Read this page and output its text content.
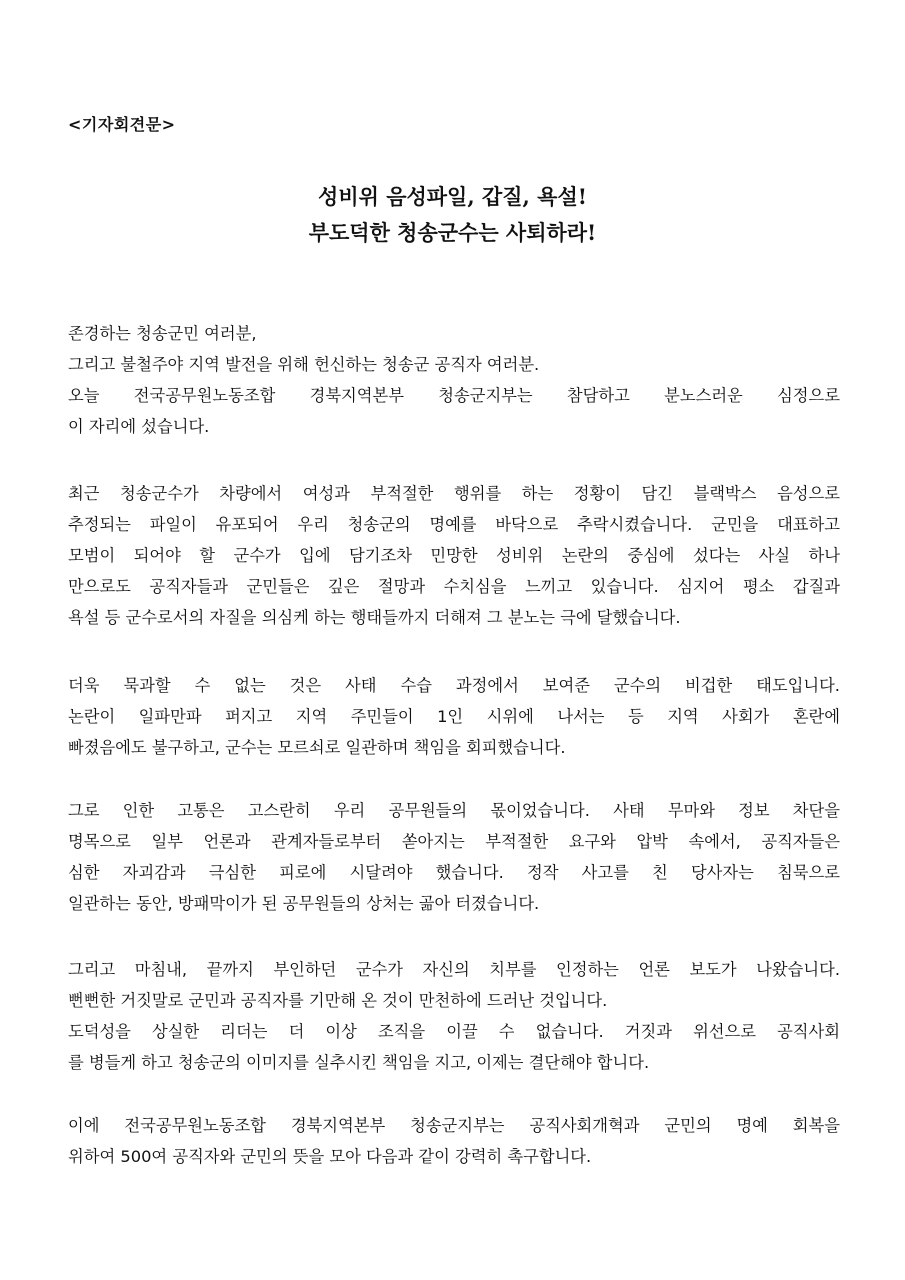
<기자회견문>
성비위 음성파일, 갑질, 욕설!
부도덕한 청송군수는 사퇴하라!

존경하는 청송군민 여러분,
그리고 불철주야 지역 발전을 위해 헌신하는 청송군 공직자 여러분.
오늘 전국공무원노동조합 경북지역본부 청송군지부는 참담하고 분노스러운 심정으로
이 자리에 섰습니다.

최근 청송군수가 차량에서 여성과 부적절한 행위를 하는 정황이 담긴 블랙박스 음성으로
추정되는 파일이 유포되어 우리 청송군의 명예를 바닥으로 추락시켰습니다. 군민을 대표하고
모범이 되어야 할 군수가 입에 담기조차 민망한 성비위 논란의 중심에 섰다는 사실 하나
만으로도 공직자들과 군민들은 깊은 절망과 수치심을 느끼고 있습니다. 심지어 평소 갑질과
욕설 등 군수로서의 자질을 의심케 하는 행태들까지 더해져 그 분노는 극에 달했습니다.

더욱 묵과할 수 없는 것은 사태 수습 과정에서 보여준 군수의 비겁한 태도입니다.
논란이 일파만파 퍼지고 지역 주민들이 1인 시위에 나서는 등 지역 사회가 혼란에
빠졌음에도 불구하고, 군수는 모르쇠로 일관하며 책임을 회피했습니다.

그로 인한 고통은 고스란히 우리 공무원들의 몫이었습니다. 사태 무마와 정보 차단을
명목으로 일부 언론과 관계자들로부터 쏟아지는 부적절한 요구와 압박 속에서, 공직자들은
심한 자괴감과 극심한 피로에 시달려야 했습니다. 정작 사고를 친 당사자는 침묵으로
일관하는 동안, 방패막이가 된 공무원들의 상처는 곪아 터졌습니다.

그리고 마침내, 끝까지 부인하던 군수가 자신의 치부를 인정하는 언론 보도가 나왔습니다.
뻔뻔한 거짓말로 군민과 공직자를 기만해 온 것이 만천하에 드러난 것입니다.
도덕성을 상실한 리더는 더 이상 조직을 이끌 수 없습니다. 거짓과 위선으로 공직사회
를 병들게 하고 청송군의 이미지를 실추시킨 책임을 지고, 이제는 결단해야 합니다.

이에 전국공무원노동조합 경북지역본부 청송군지부는 공직사회개혁과 군민의 명예 회복을
위하여 500여 공직자와 군민의 뜻을 모아 다음과 같이 강력히 촉구합니다.
